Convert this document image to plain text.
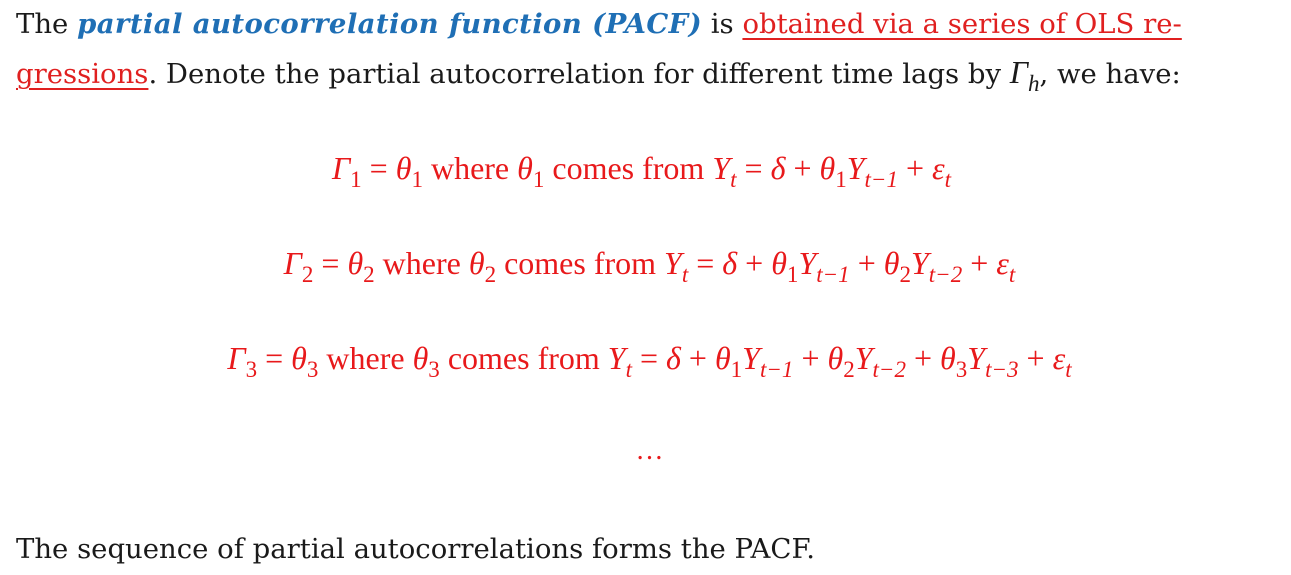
The partial autocorrelation function (PACF) is obtained via a series of OLS re-
gressions. Denote the partial autocorrelation for different time lags by $\Gamma_h$, we have:
$\Gamma_1 = \theta_1$ where $\theta_1$ comes from $Y_t = \delta + \theta_1Y_{t-1} + \varepsilon_t$
$\Gamma_2 = \theta_2$ where $\theta_2$ comes from $Y_t = \delta + \theta_1Y_{t-1} + \theta_2Y_{t-2} + \varepsilon_t$
$\Gamma_3 = \theta_3$ where $\theta_3$ comes from $Y_t = \delta + \theta_1Y_{t-1} + \theta_2Y_{t-2} + \theta_3Y_{t-3} + \varepsilon_t$
…
The sequence of partial autocorrelations forms the PACF.
